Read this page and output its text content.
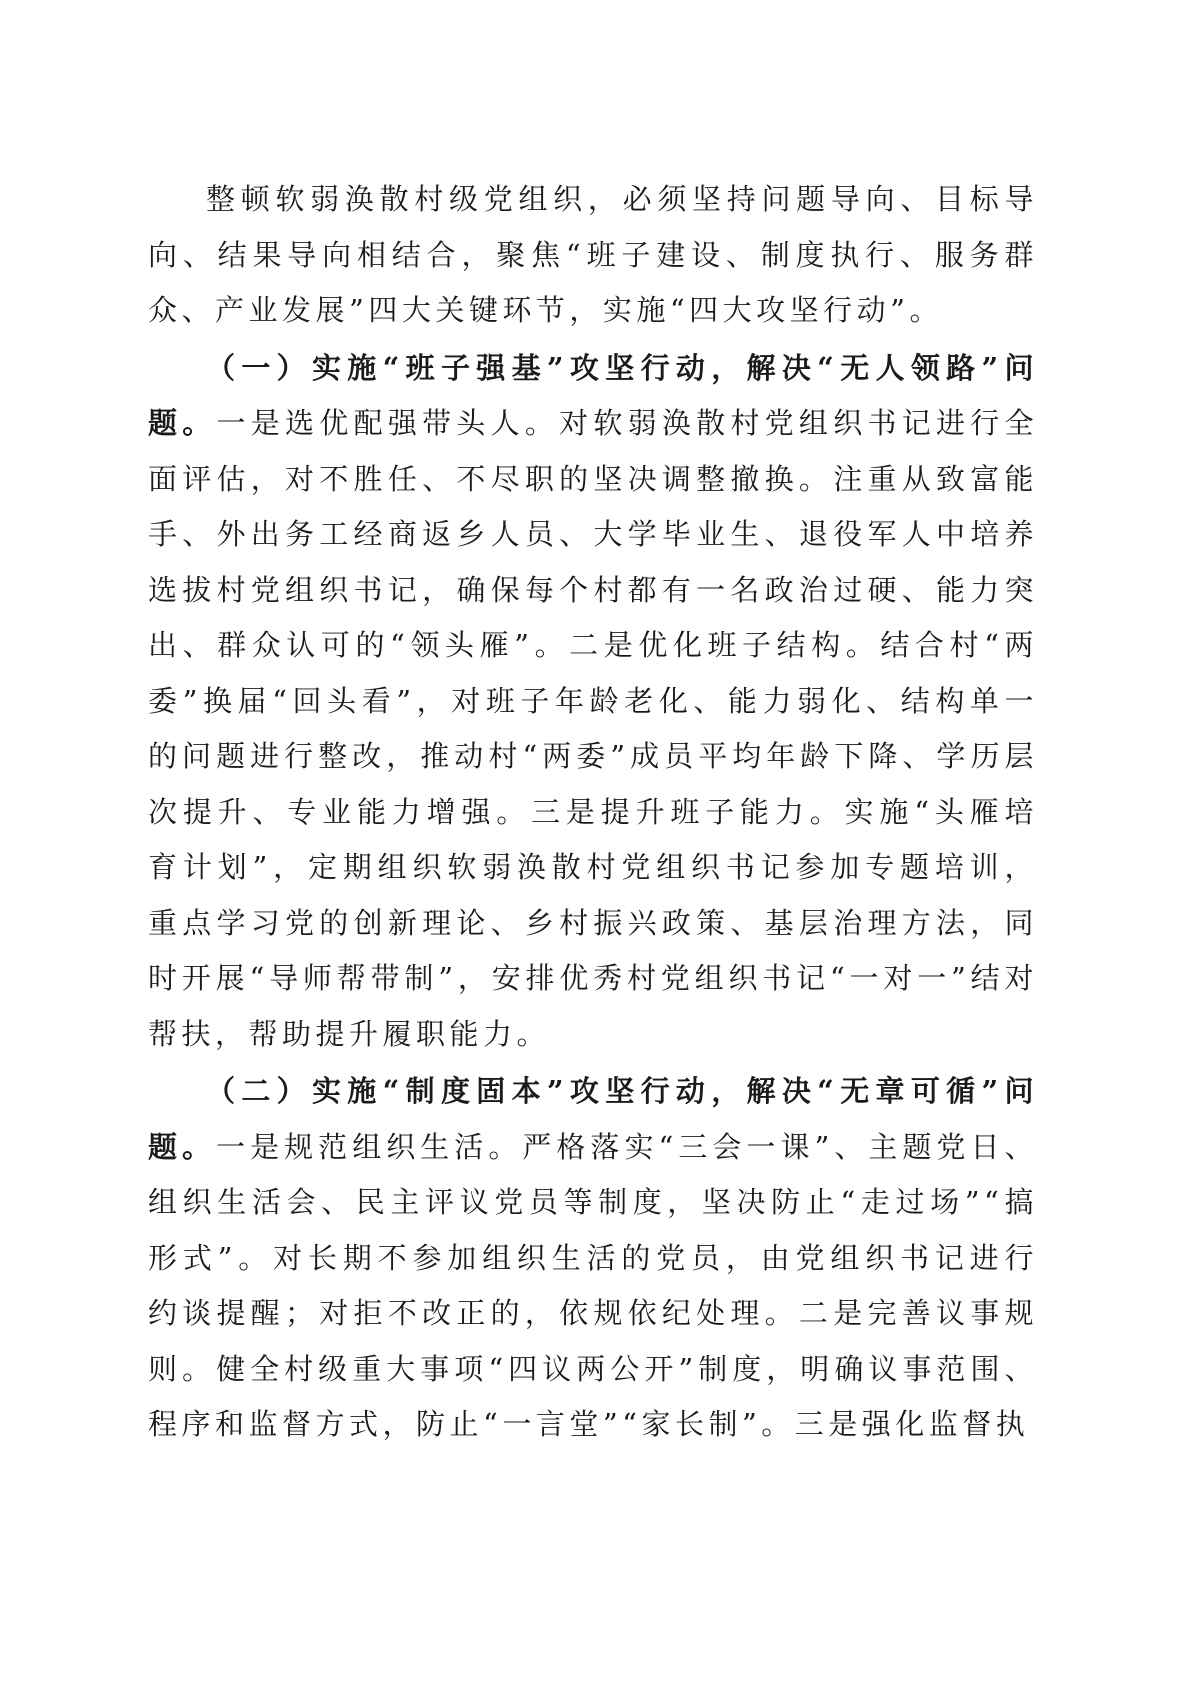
整顿软弱涣散村级党组织，必须坚持问题导向、目标导向、结果导向相结合，聚焦“班子建设、制度执行、服务群众、产业发展”四大关键环节，实施“四大攻坚行动”。

（一）实施“班子强基”攻坚行动，解决“无人领路”问题。一是选优配强带头人。对软弱涣散村党组织书记进行全面评估，对不胜任、不尽职的坚决调整撤换。注重从致富能手、外出务工经商返乡人员、大学毕业生、退役军人中培养选拔村党组织书记，确保每个村都有一名政治过硬、能力突出、群众认可的“领头雁”。二是优化班子结构。结合村“两委”换届“回头看”，对班子年龄老化、能力弱化、结构单一的问题进行整改，推动村“两委”成员平均年龄下降、学历层次提升、专业能力增强。三是提升班子能力。实施“头雁培育计划”，定期组织软弱涣散村党组织书记参加专题培训，重点学习党的创新理论、乡村振兴政策、基层治理方法，同时开展“导师帮带制”，安排优秀村党组织书记“一对一”结对帮扶，帮助提升履职能力。

（二）实施“制度固本”攻坚行动，解决“无章可循”问题。一是规范组织生活。严格落实“三会一课”、主题党日、组织生活会、民主评议党员等制度，坚决防止“走过场”“搞形式”。对长期不参加组织生活的党员，由党组织书记进行约谈提醒；对拒不改正的，依规依纪处理。二是完善议事规则。健全村级重大事项“四议两公开”制度，明确议事范围、程序和监督方式，防止“一言堂”“家长制”。三是强化监督执
